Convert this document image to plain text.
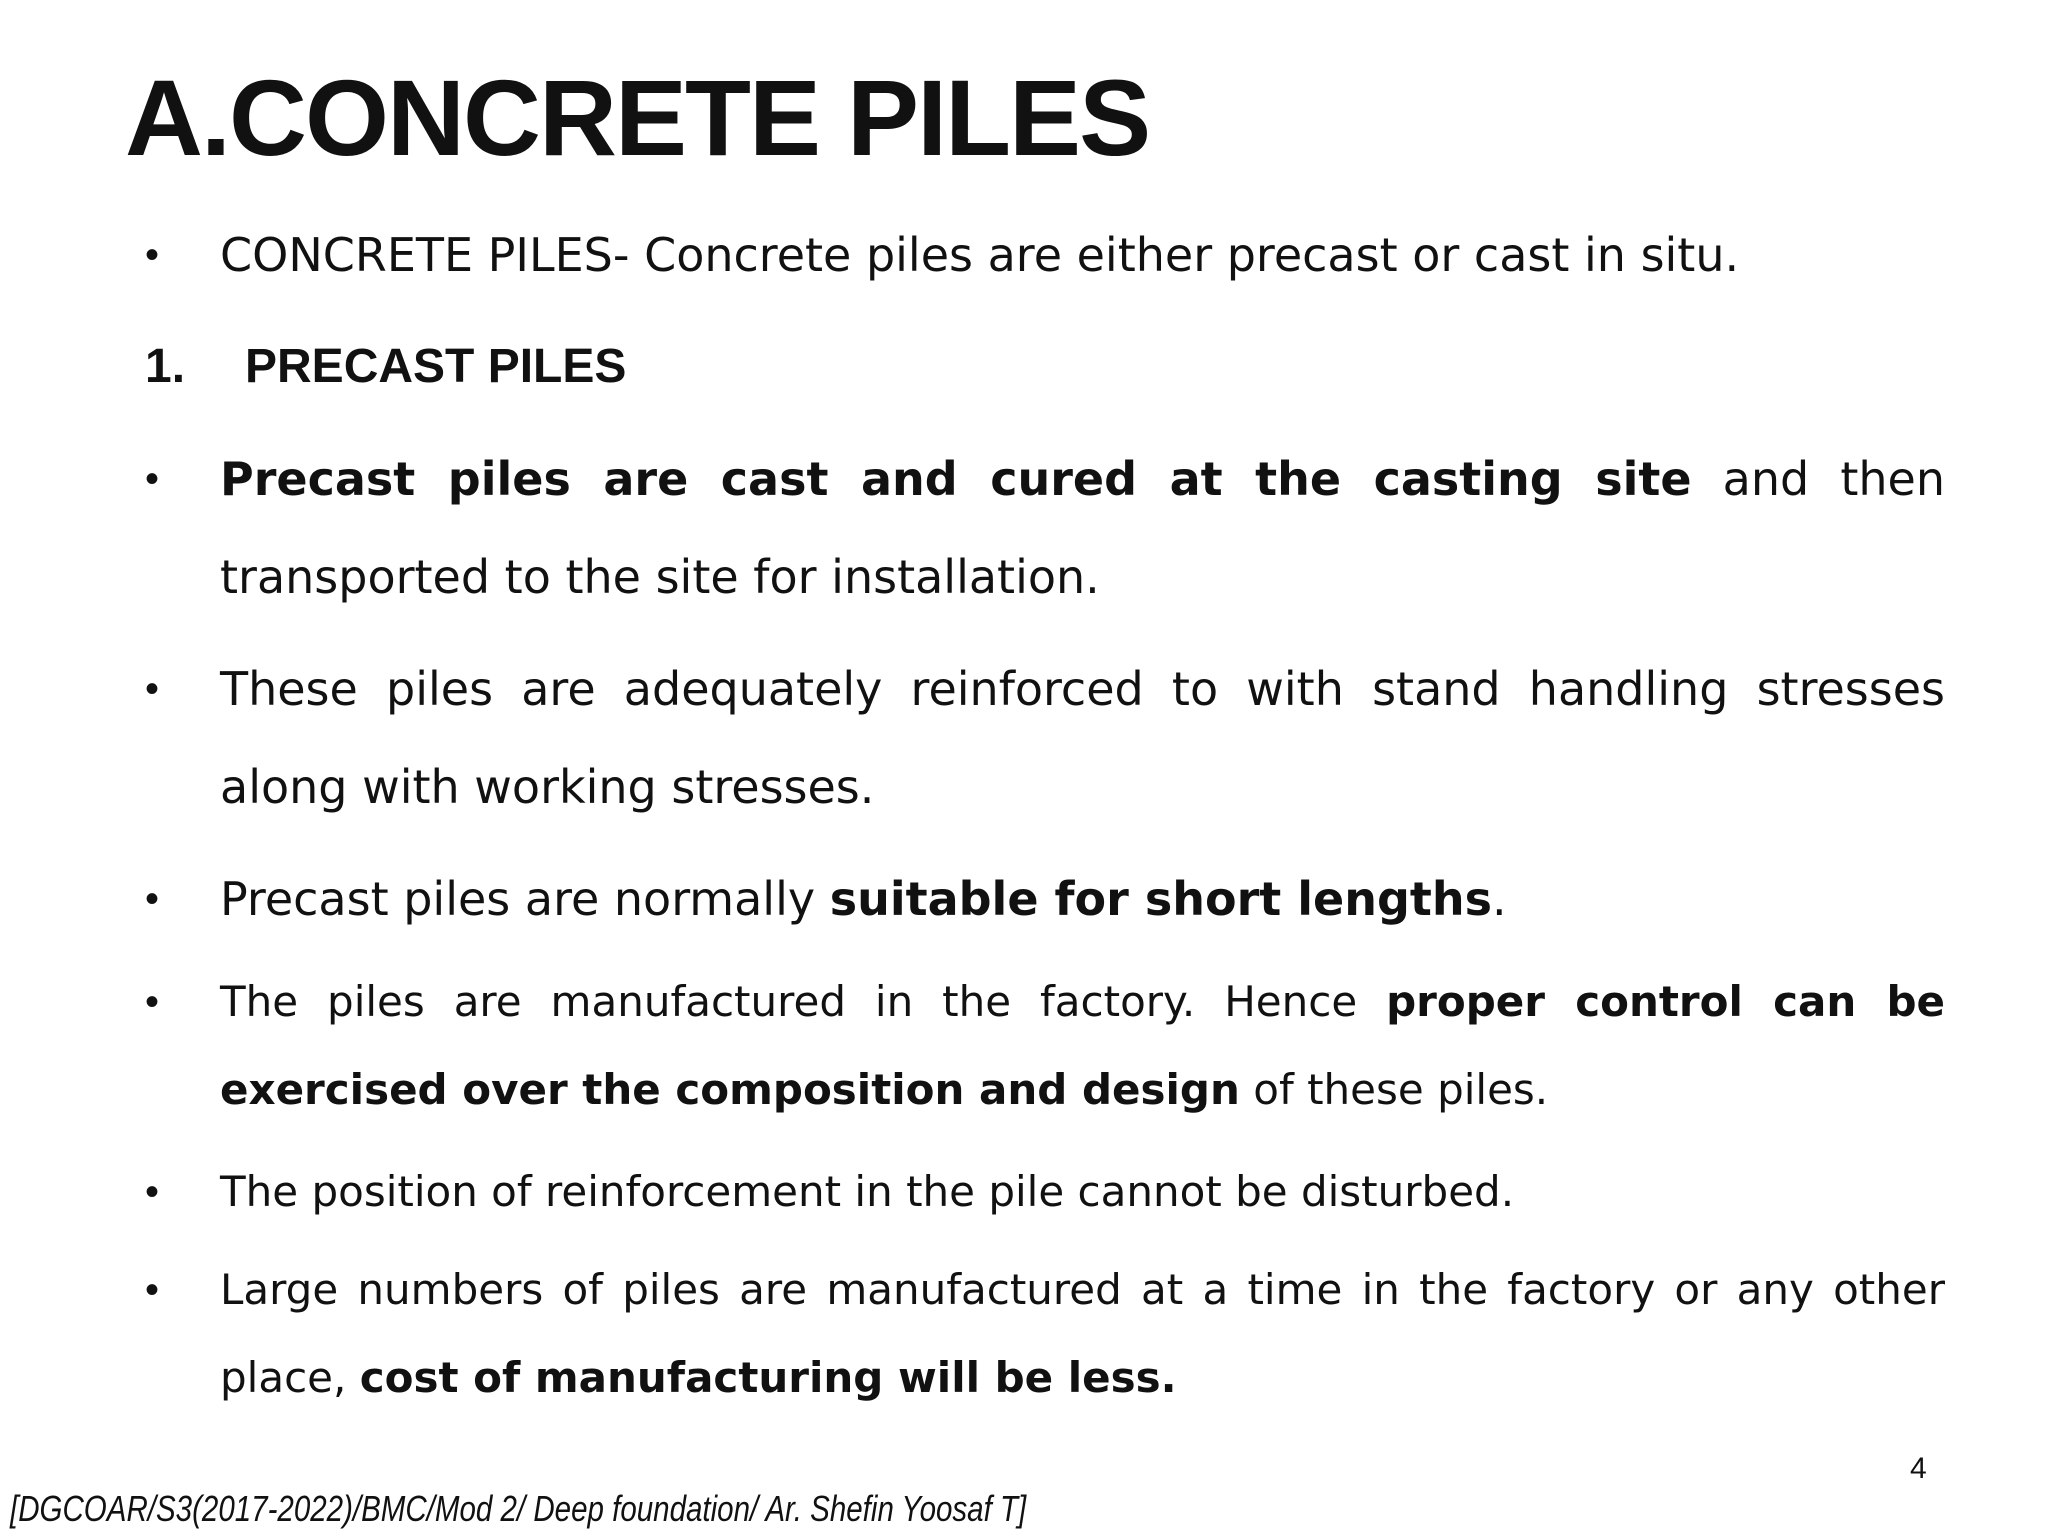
A.CONCRETE PILES
•	CONCRETE PILES- Concrete piles are either precast or cast in situ.
1. PRECAST PILES
•	Precast piles are cast and cured at the casting site and then transported to the site for installation.
•	These piles are adequately reinforced to with stand handling stresses along with working stresses.
•	Precast piles are normally suitable for short lengths.
•	The piles are manufactured in the factory. Hence proper control can be exercised over the composition and design of these piles.
•	The position of reinforcement in the pile cannot be disturbed.
•	Large numbers of piles are manufactured at a time in the factory or any other place, cost of manufacturing will be less.
4
[DGCOAR/S3(2017-2022)/BMC/Mod 2/ Deep foundation/ Ar. Shefin Yoosaf T]
